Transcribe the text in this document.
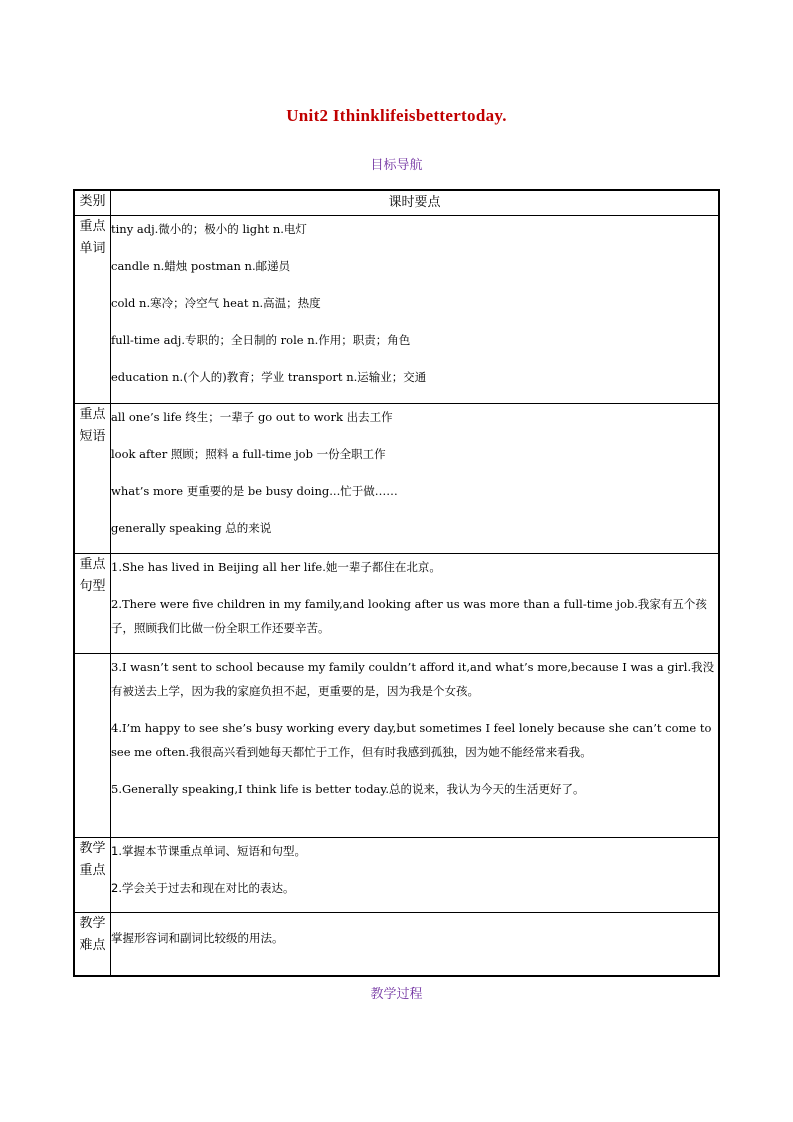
Unit2 Ithinklifeisbettertoday.
目标导航
类别	课时要点
重点单词	tiny adj.微小的；极小的 light n.电灯

candle n.蜡烛 postman n.邮递员

cold n.寒冷；冷空气 heat n.高温；热度

full-time adj.专职的；全日制的 role n.作用；职责；角色

education n.(个人的)教育；学业 transport n.运输业；交通

重点短语	all one’s life 终生；一辈子 go out to work 出去工作

look after 照顾；照料 a full-time job 一份全职工作

what’s more 更重要的是 be busy doing...忙于做……

generally speaking 总的来说

重点句型	1.She has lived in Beijing all her life.她一辈子都住在北京。

2.There were five children in my family,and looking after us was more than a full-time job.我家有五个孩子，照顾我们比做一份全职工作还要辛苦。

	3.I wasn’t sent to school because my family couldn’t afford it,and what’s more,because I was a girl.我没有被送去上学，因为我的家庭负担不起，更重要的是，因为我是个女孩。

4.I’m happy to see she’s busy working every day,but sometimes I feel lonely because she can’t come to see me often.我很高兴看到她每天都忙于工作，但有时我感到孤独，因为她不能经常来看我。

5.Generally speaking,I think life is better today.总的说来，我认为今天的生活更好了。

教学重点	1.掌握本节课重点单词、短语和句型。

2.学会关于过去和现在对比的表达。

教学难点	掌握形容词和副词比较级的用法。

教学过程
